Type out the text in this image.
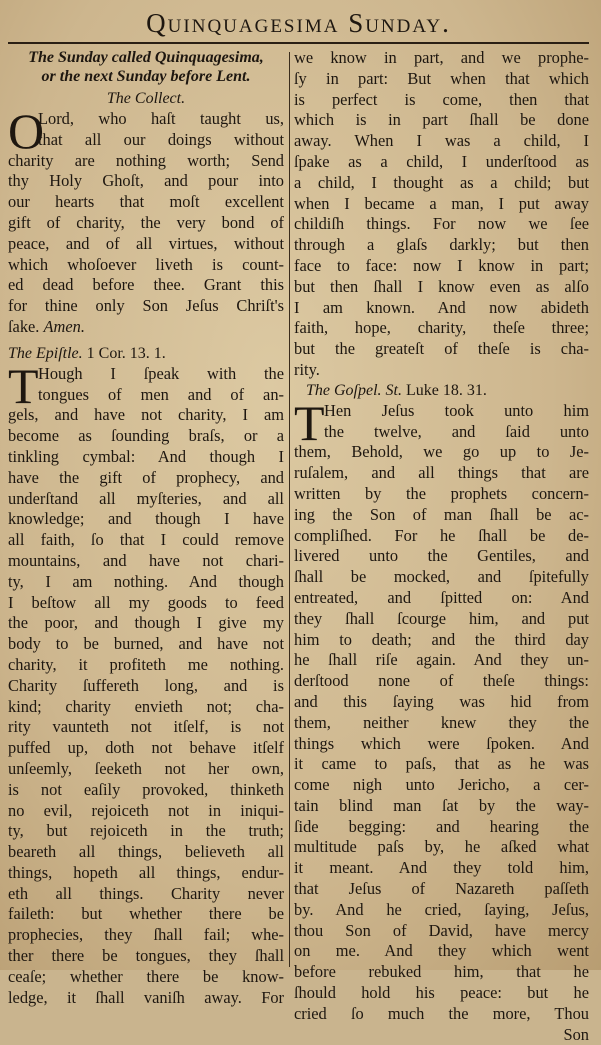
Quinquagesima Sunday.
The Sunday called Quinquagesima,
or the next Sunday before Lent.
The Collect.
O
Lord, who haſt taught us,
that all our doings without
charity are nothing worth; Send
thy Holy Ghoſt, and pour into
our hearts that moſt excellent
gift of charity, the very bond of
peace, and of all virtues, without
which whoſoever liveth is count-
ed dead before thee. Grant this
for thine only Son Jeſus Chriſt's
ſake. Amen.
The Epiſtle. 1 Cor. 13. 1.
T Hough I ſpeak with the
tongues of men and of an-
gels, and have not charity, I am
become as ſounding braſs, or a
tinkling cymbal: And though I
have the gift of prophecy, and
underſtand all myſteries, and all
knowledge; and though I have
all faith, ſo that I could remove
mountains, and have not chari-
ty, I am nothing. And though
I beſtow all my goods to feed
the poor, and though I give my
body to be burned, and have not
charity, it profiteth me nothing.
Charity ſuffereth long, and is
kind; charity envieth not; cha-
rity vaunteth not itſelf, is not
puffed up, doth not behave itſelf
unſeemly, ſeeketh not her own,
is not eaſily provoked, thinketh
no evil, rejoiceth not in iniqui-
ty, but rejoiceth in the truth;
beareth all things, believeth all
things, hopeth all things, endur-
eth all things. Charity never
faileth: but whether there be
prophecies, they ſhall fail; whe-
ther there be tongues, they ſhall
ceaſe; whether there be know-
ledge, it ſhall vaniſh away. For
we know in part, and we prophe-
ſy in part: But when that which
is perfect is come, then that
which is in part ſhall be done
away. When I was a child, I
ſpake as a child, I underſtood as
a child, I thought as a child; but
when I became a man, I put away
childiſh things. For now we ſee
through a glaſs darkly; but then
face to face: now I know in part;
but then ſhall I know even as alſo
I am known. And now abideth
faith, hope, charity, theſe three;
but the greateſt of theſe is cha-
rity.
The Goſpel. St. Luke 18. 31.
T Hen Jeſus took unto him
the twelve, and ſaid unto
them, Behold, we go up to Je-
ruſalem, and all things that are
written by the prophets concern-
ing the Son of man ſhall be ac-
compliſhed. For he ſhall be de-
livered unto the Gentiles, and
ſhall be mocked, and ſpitefully
entreated, and ſpitted on: And
they ſhall ſcourge him, and put
him to death; and the third day
he ſhall riſe again. And they un-
derſtood none of theſe things:
and this ſaying was hid from
them, neither knew they the
things which were ſpoken. And
it came to paſs, that as he was
come nigh unto Jericho, a cer-
tain blind man ſat by the way-
ſide begging: and hearing the
multitude paſs by, he aſked what
it meant. And they told him,
that Jeſus of Nazareth paſſeth
by. And he cried, ſaying, Jeſus,
thou Son of David, have mercy
on me. And they which went
before rebuked him, that he
ſhould hold his peace: but he
cried ſo much the more, Thou
Son
